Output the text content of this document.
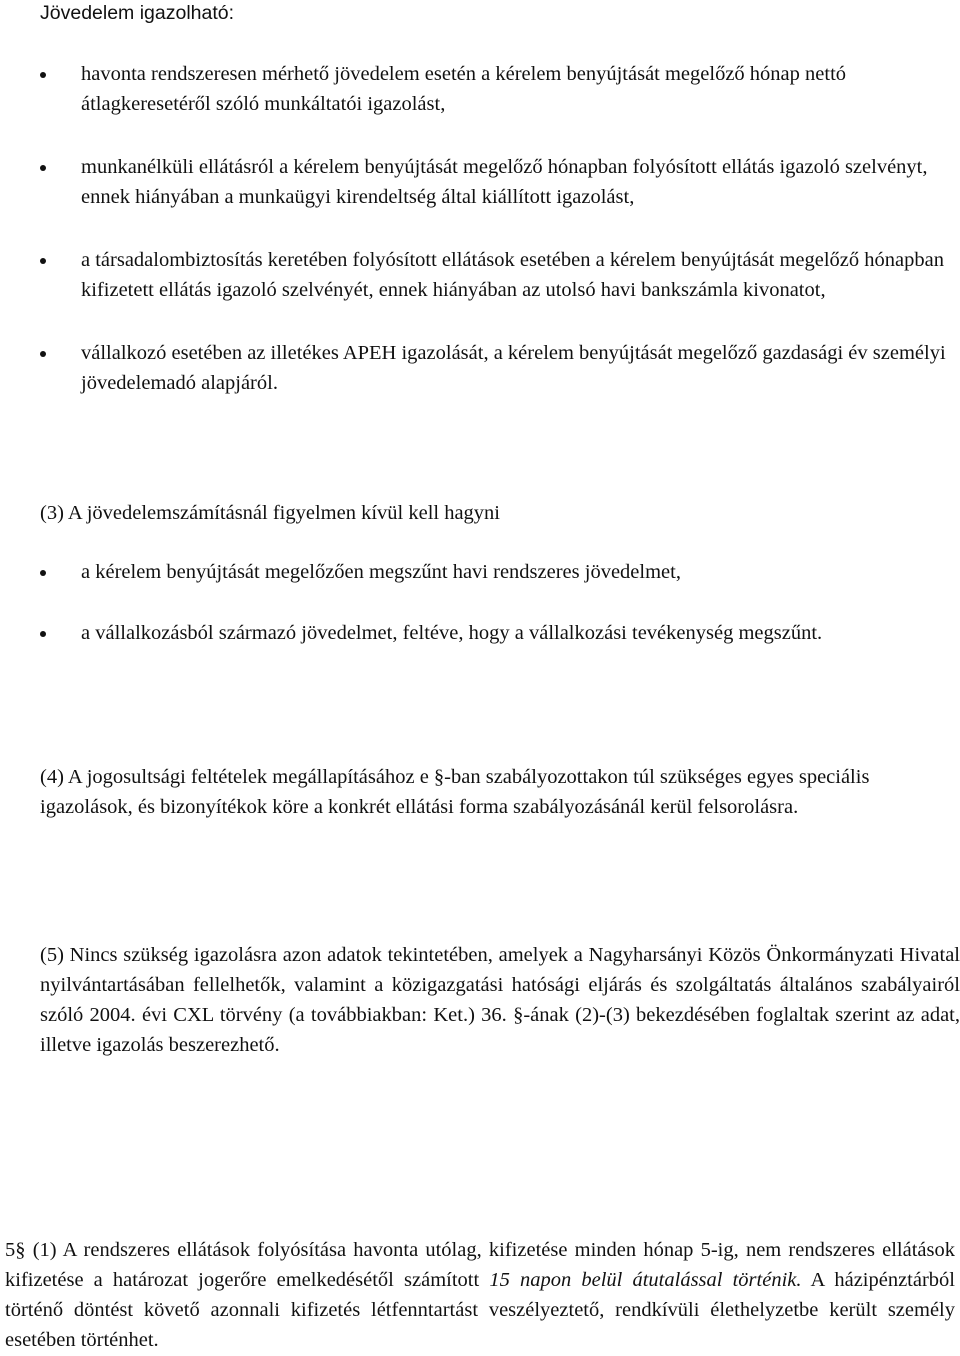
Jövedelem igazolható:

havonta rendszeresen mérhető jövedelem esetén a kérelem benyújtását megelőző hónap nettó átlagkeresetéről szóló munkáltatói igazolást,
munkanélküli ellátásról a kérelem benyújtását megelőző hónapban folyósított ellátás igazoló szelvényt, ennek hiányában a munkaügyi kirendeltség által kiállított igazolást,
a társadalombiztosítás keretében folyósított ellátások esetében a kérelem benyújtását megelőző hónapban kifizetett ellátás igazoló szelvényét, ennek hiányában az utolsó havi bankszámla kivonatot,
vállalkozó esetében az illetékes APEH igazolását, a kérelem benyújtását megelőző gazdasági év személyi jövedelemadó alapjáról.

(3) A jövedelemszámításnál figyelmen kívül kell hagyni

a kérelem benyújtását megelőzően megszűnt havi rendszeres jövedelmet,
a vállalkozásból származó jövedelmet, feltéve, hogy a vállalkozási tevékenység megszűnt.

(4) A jogosultsági feltételek megállapításához e §-ban szabályozottakon túl szükséges egyes speciális igazolások, és bizonyítékok köre a konkrét ellátási forma szabályozásánál kerül felsorolásra.

(5) Nincs szükség igazolásra azon adatok tekintetében, amelyek a Nagyharsányi Közös Önkormányzati Hivatal nyilvántartásában fellelhetők, valamint a közigazgatási hatósági eljárás és szolgáltatás általános szabályairól szóló 2004. évi CXL törvény (a továbbiakban: Ket.) 36. §-ának (2)-(3) bekezdésében foglaltak szerint az adat, illetve igazolás beszerezhető.

5§ (1) A rendszeres ellátások folyósítása havonta utólag, kifizetése minden hónap 5-ig, nem rendszeres ellátások kifizetése a határozat jogerőre emelkedésétől számított 15 napon belül átutalással történik. A házipénztárból történő döntést követő azonnali kifizetés létfenntartást veszélyeztető, rendkívüli élethelyzetbe került személy esetében történhet.
